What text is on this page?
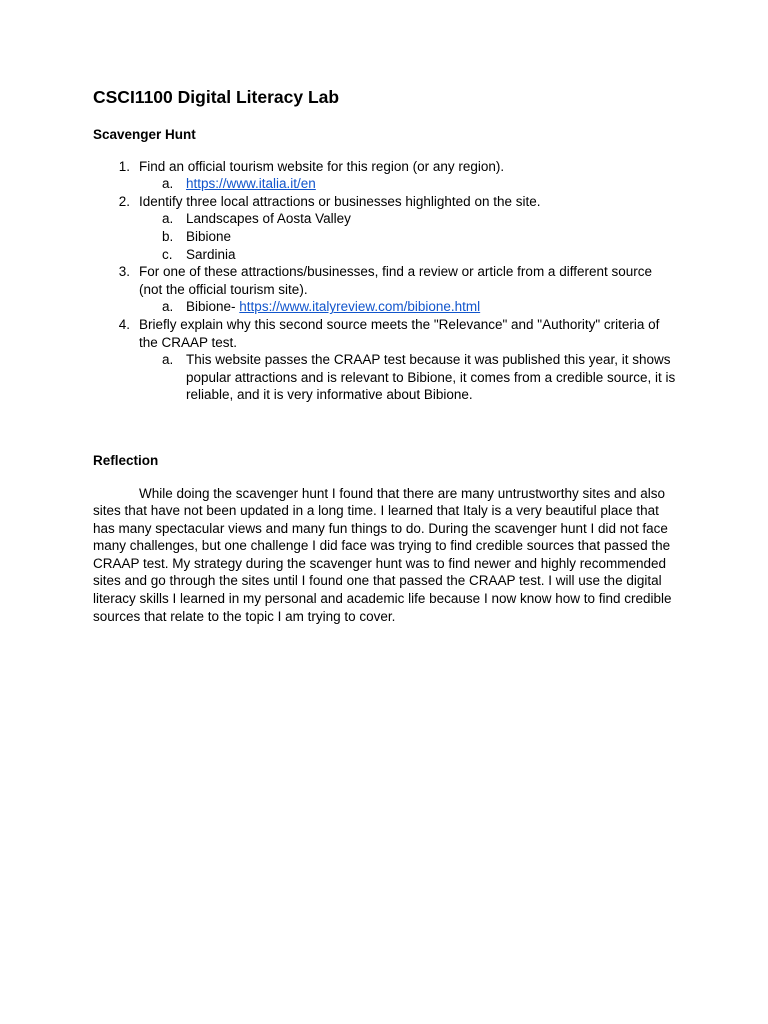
CSCI1100 Digital Literacy Lab
Scavenger Hunt
1. Find an official tourism website for this region (or any region).
a. https://www.italia.it/en
2. Identify three local attractions or businesses highlighted on the site.
a. Landscapes of Aosta Valley
b. Bibione
c. Sardinia
3. For one of these attractions/businesses, find a review or article from a different source (not the official tourism site).
a. Bibione- https://www.italyreview.com/bibione.html
4. Briefly explain why this second source meets the "Relevance" and "Authority" criteria of the CRAAP test.
a. This website passes the CRAAP test because it was published this year, it shows popular attractions and is relevant to Bibione, it comes from a credible source, it is reliable, and it is very informative about Bibione.
Reflection

While doing the scavenger hunt I found that there are many untrustworthy sites and also sites that have not been updated in a long time. I learned that Italy is a very beautiful place that has many spectacular views and many fun things to do. During the scavenger hunt I did not face many challenges, but one challenge I did face was trying to find credible sources that passed the CRAAP test. My strategy during the scavenger hunt was to find newer and highly recommended sites and go through the sites until I found one that passed the CRAAP test. I will use the digital literacy skills I learned in my personal and academic life because I now know how to find credible sources that relate to the topic I am trying to cover.
